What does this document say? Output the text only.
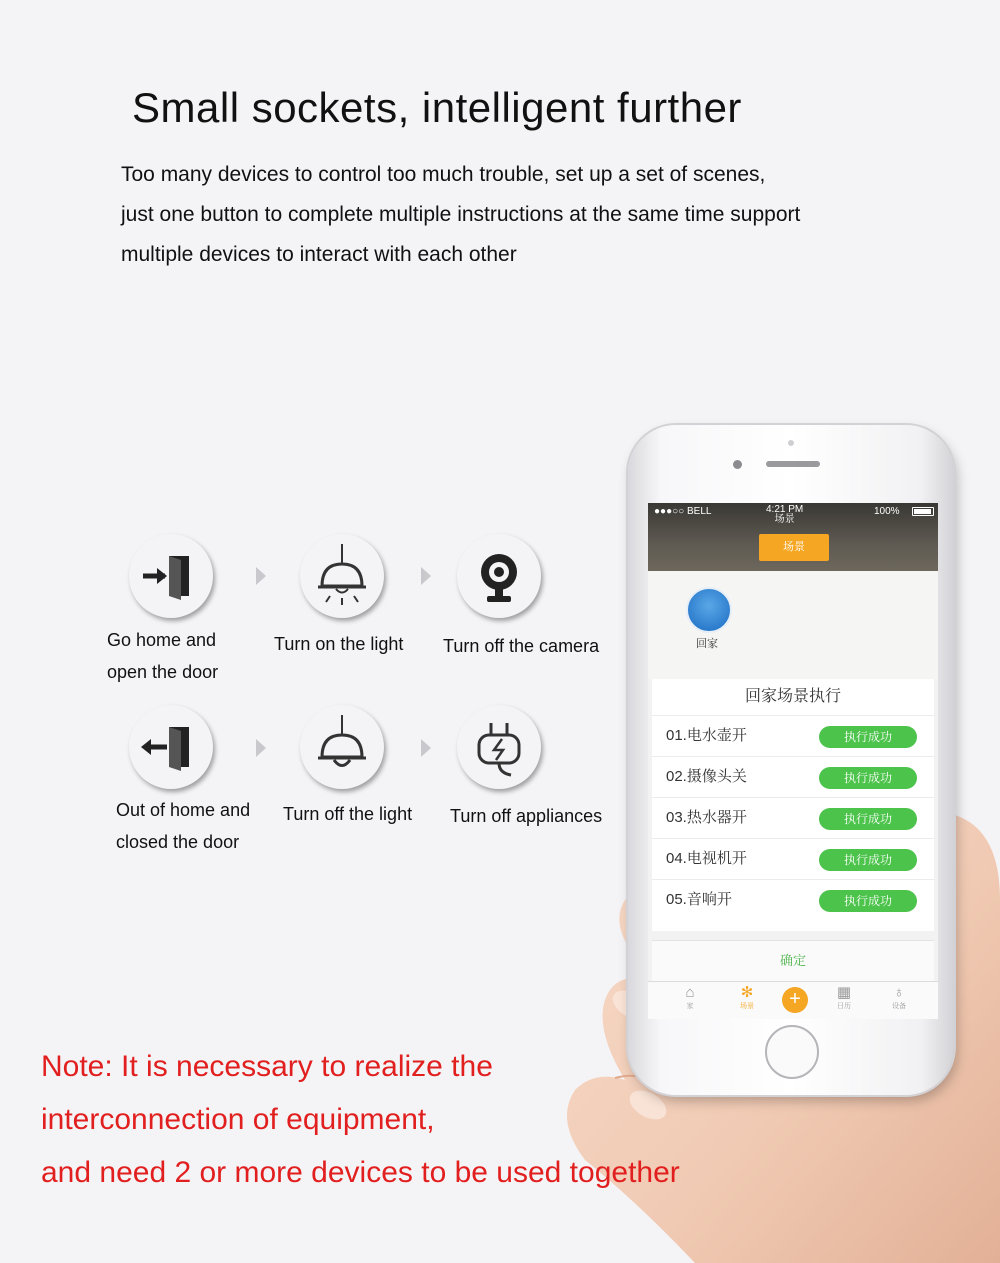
Small sockets, intelligent further
Too many devices to control too much trouble, set up a set of scenes,
just one button to complete multiple instructions at the same time support
multiple devices to interact with each other
Go home and
open the door
Turn on the light Turn off the camera
Out of home and
closed the door
Turn off the light Turn off appliances
●●●○○ BELL	4:21 PM
场景
100%
场景
回家
回家场景执行
01.电水壶开	执行成功
02.摄像头关	执行成功
03.热水器开	执行成功
04.电视机开	执行成功
05.音响开	执行成功
确定
⌂
家
✻
场景	+	▦
日历
♁
设备
Note: It is necessary to realize the
interconnection of equipment,
and need 2 or more devices to be used together
